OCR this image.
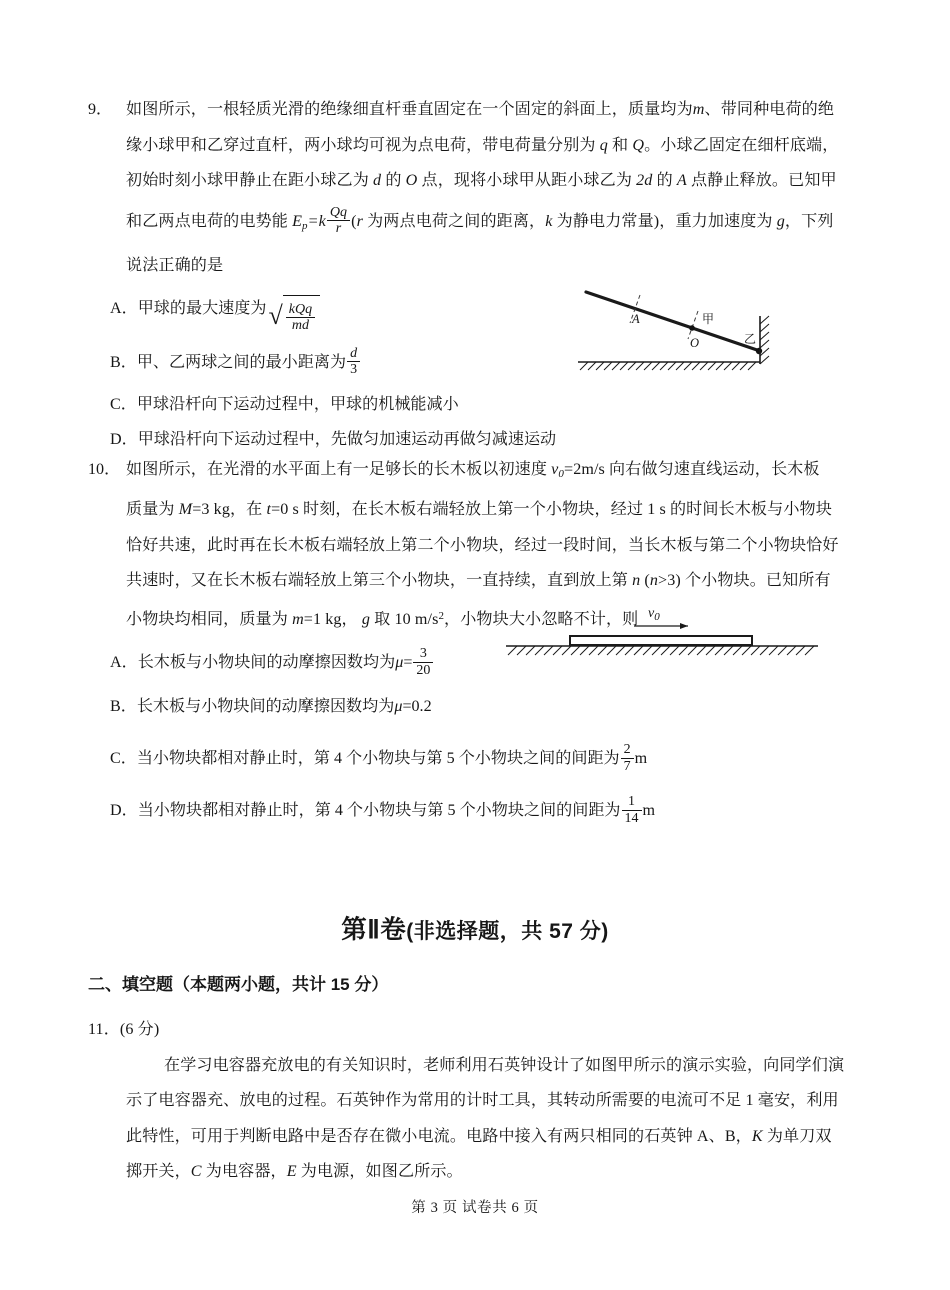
9． 如图所示，一根轻质光滑的绝缘细直杆垂直固定在一个固定的斜面上，质量均为m、带同种电荷的绝
缘小球甲和乙穿过直杆，两小球均可视为点电荷，带电荷量分别为 q 和 Q。小球乙固定在细杆底端，
初始时刻小球甲静止在距小球乙为 d 的 O 点，现将小球甲从距小球乙为 2d 的 A 点静止释放。已知甲
和乙两点电荷的电势能 $E_p=k \frac{Qq}{r} (r$ 为两点电荷之间的距离，k 为静电力常量)，重力加速度为 g，下列
说法正确的是
A．甲球的最大速度为√ $\frac{\text{kQq}}{md}$
B．甲、乙两球之间的最小距离为 $\frac{d}{3}$
C．甲球沿杆向下运动过程中，甲球的机械能减小
D．甲球沿杆向下运动过程中，先做匀加速运动再做匀减速运动
A	甲
O	乙
10． 如图所示，在光滑的水平面上有一足够长的长木板以初速度 $v_0=2m/s$ 向右做匀速直线运动，长木板
质量为 M=3 kg，在 t=0 s 时刻，在长木板右端轻放上第一个小物块，经过 1 s 的时间长木板与小物块
恰好共速，此时再在长木板右端轻放上第二个小物块，经过一段时间，当长木板与第二个小物块恰好
共速时，又在长木板右端轻放上第三个小物块，一直持续，直到放上第 n (n>3) 个小物块。已知所有
小物块均相同，质量为 m=1 kg， g 取 10 $m/s^2$，小物块大小忽略不计，则
A．长木板与小物块间的动摩擦因数均为$\mu= \frac{3}{20}$
B．长木板与小物块间的动摩擦因数均为μ=0.2
C．当小物块都相对静止时，第 4 个小物块与第 5 个小物块之间的间距为 $\frac{2}{7}$ m
D．当小物块都相对静止时，第 4 个小物块与第 5 个小物块之间的间距为 $\frac{1}{14}$ m
$v_0$
第Ⅱ卷(非选择题，共 57 分)
二、填空题（本题两小题，共计 15 分）
11．(6 分)
在学习电容器充放电的有关知识时，老师利用石英钟设计了如图甲所示的演示实验，向同学们演
示了电容器充、放电的过程。石英钟作为常用的计时工具，其转动所需要的电流可不足 1 毫安，利用
此特性，可用于判断电路中是否存在微小电流。电路中接入有两只相同的石英钟 A、B，K 为单刀双
掷开关，C 为电容器，E 为电源，如图乙所示。
第 3 页 试卷共 6 页
